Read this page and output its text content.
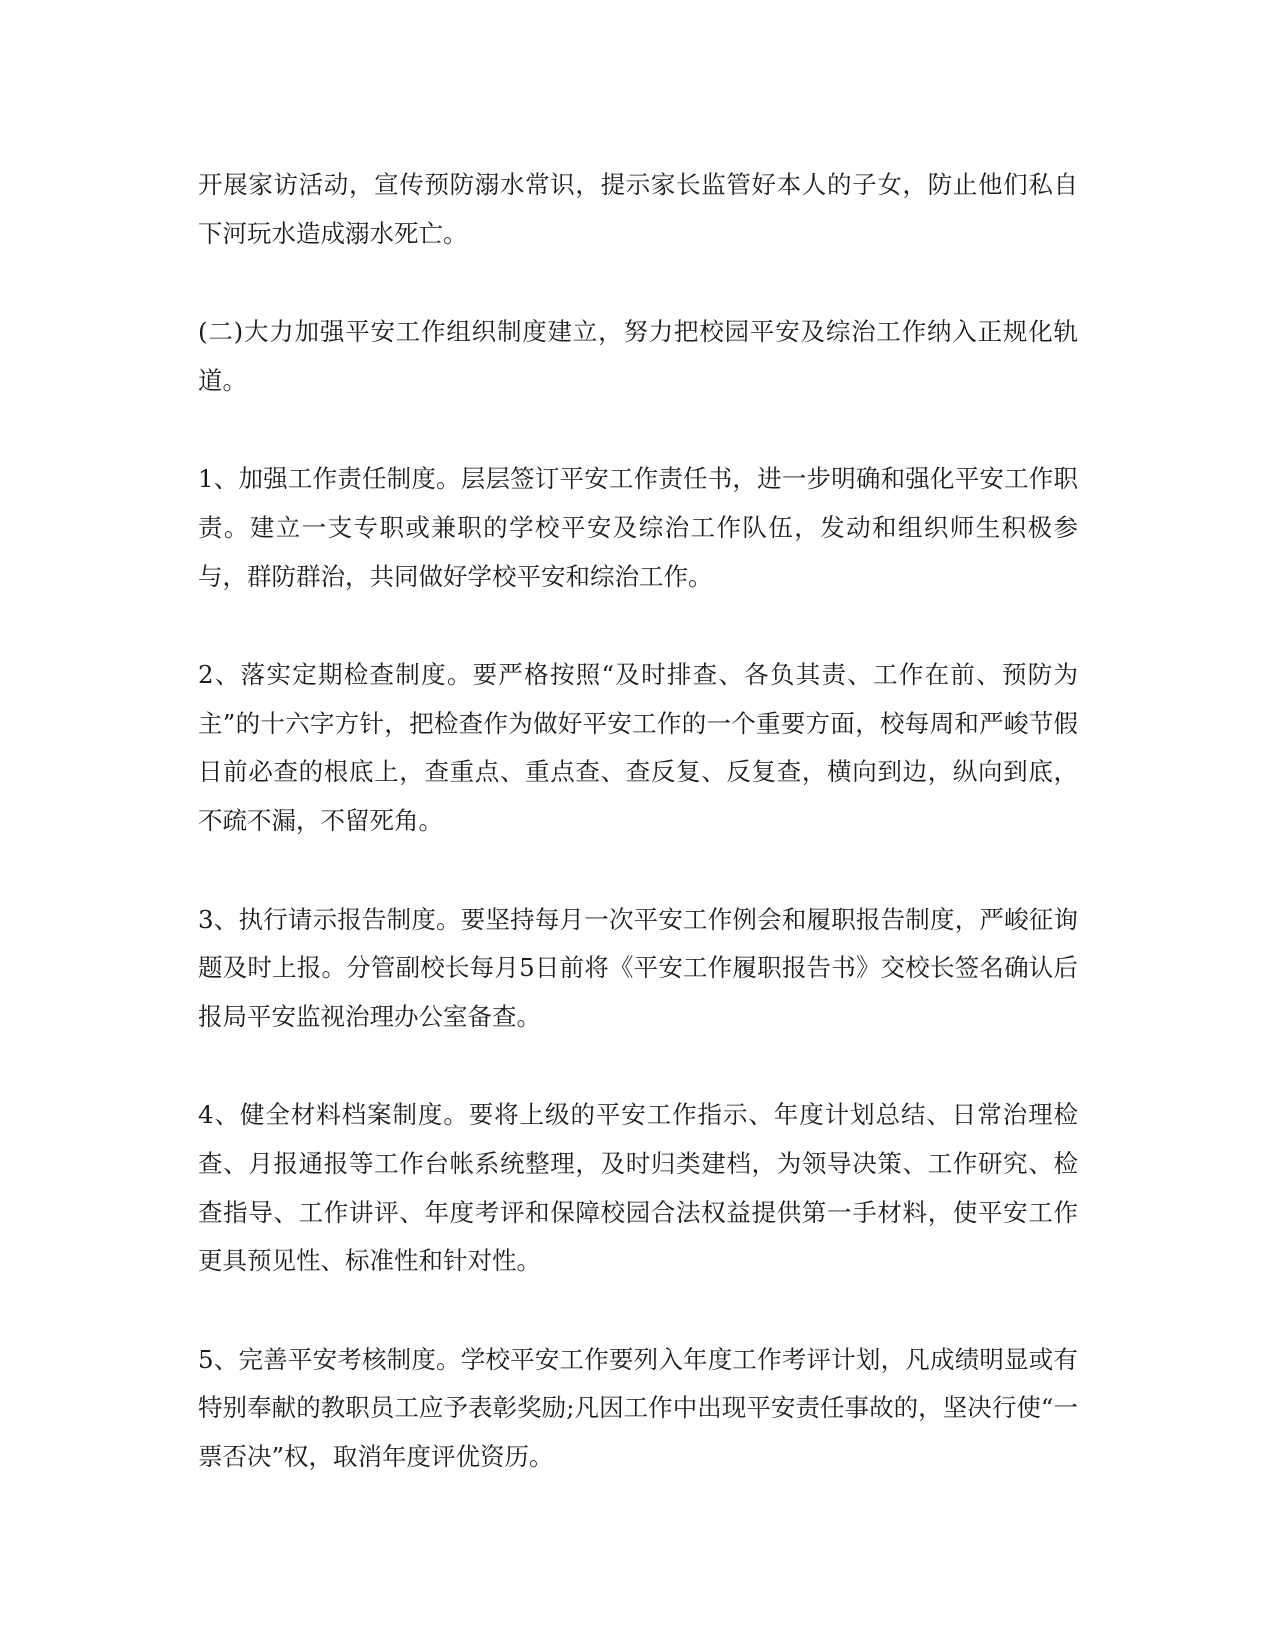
开展家访活动，宣传预防溺水常识，提示家长监管好本人的子女，防止他们私自下河玩水造成溺水死亡。

(二)大力加强平安工作组织制度建立，努力把校园平安及综治工作纳入正规化轨道。

1、加强工作责任制度。层层签订平安工作责任书，进一步明确和强化平安工作职责。建立一支专职或兼职的学校平安及综治工作队伍，发动和组织师生积极参与，群防群治，共同做好学校平安和综治工作。

2、落实定期检查制度。要严格按照“及时排查、各负其责、工作在前、预防为主”的十六字方针，把检查作为做好平安工作的一个重要方面，校每周和严峻节假日前必查的根底上，查重点、重点查、查反复、反复查，横向到边，纵向到底，不疏不漏，不留死角。

3、执行请示报告制度。要坚持每月一次平安工作例会和履职报告制度，严峻征询题及时上报。分管副校长每月5日前将《平安工作履职报告书》交校长签名确认后报局平安监视治理办公室备查。

4、健全材料档案制度。要将上级的平安工作指示、年度计划总结、日常治理检查、月报通报等工作台帐系统整理，及时归类建档，为领导决策、工作研究、检查指导、工作讲评、年度考评和保障校园合法权益提供第一手材料，使平安工作更具预见性、标准性和针对性。

5、完善平安考核制度。学校平安工作要列入年度工作考评计划，凡成绩明显或有特别奉献的教职员工应予表彰奖励;凡因工作中出现平安责任事故的，坚决行使“一票否决”权，取消年度评优资历。
